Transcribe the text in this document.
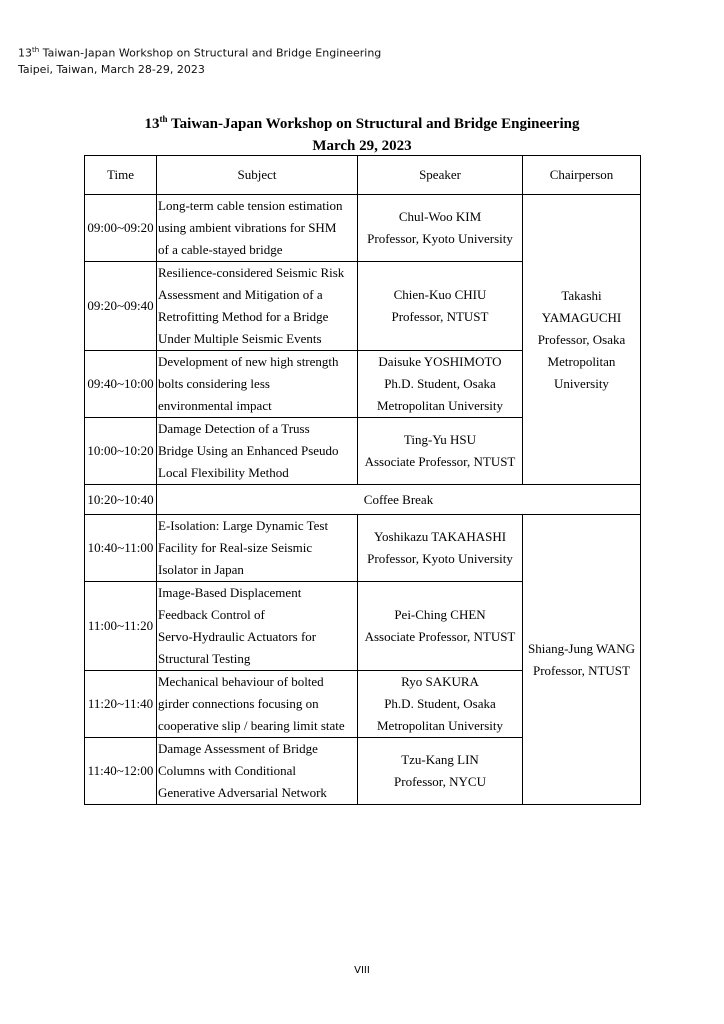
13th Taiwan-Japan Workshop on Structural and Bridge Engineering
Taipei, Taiwan, March 28-29, 2023
13th Taiwan-Japan Workshop on Structural and Bridge Engineering
March 29, 2023
Time	Subject	Speaker	Chairperson
09:00~09:20	Long-term cable tension estimation
using ambient vibrations for SHM
of a cable-stayed bridge	Chul-Woo KIM
Professor, Kyoto University	Takashi
YAMAGUCHI
Professor, Osaka
Metropolitan
University

09:20~09:40	Resilience-considered Seismic Risk
Assessment and Mitigation of a
Retrofitting Method for a Bridge
Under Multiple Seismic Events	Chien-Kuo CHIU
Professor, NTUST	

09:40~10:00	Development of new high strength
bolts considering less
environmental impact	Daisuke YOSHIMOTO
Ph.D. Student, Osaka
Metropolitan University	

10:00~10:20	Damage Detection of a Truss
Bridge Using an Enhanced Pseudo
Local Flexibility Method	Ting-Yu HSU
Associate Professor, NTUST	

10:20~10:40	Coffee Break		
10:40~11:00	E-Isolation: Large Dynamic Test
Facility for Real-size Seismic
Isolator in Japan	Yoshikazu TAKAHASHI
Professor, Kyoto University	Shiang-Jung WANG
Professor, NTUST

11:00~11:20	Image-Based Displacement
Feedback Control of
Servo-Hydraulic Actuators for
Structural Testing	Pei-Ching CHEN
Associate Professor, NTUST	

11:20~11:40	Mechanical behaviour of bolted
girder connections focusing on
cooperative slip / bearing limit state	Ryo SAKURA
Ph.D. Student, Osaka
Metropolitan University	

11:40~12:00	Damage Assessment of Bridge
Columns with Conditional
Generative Adversarial Network	Tzu-Kang LIN
Professor, NYCU	
VIII
